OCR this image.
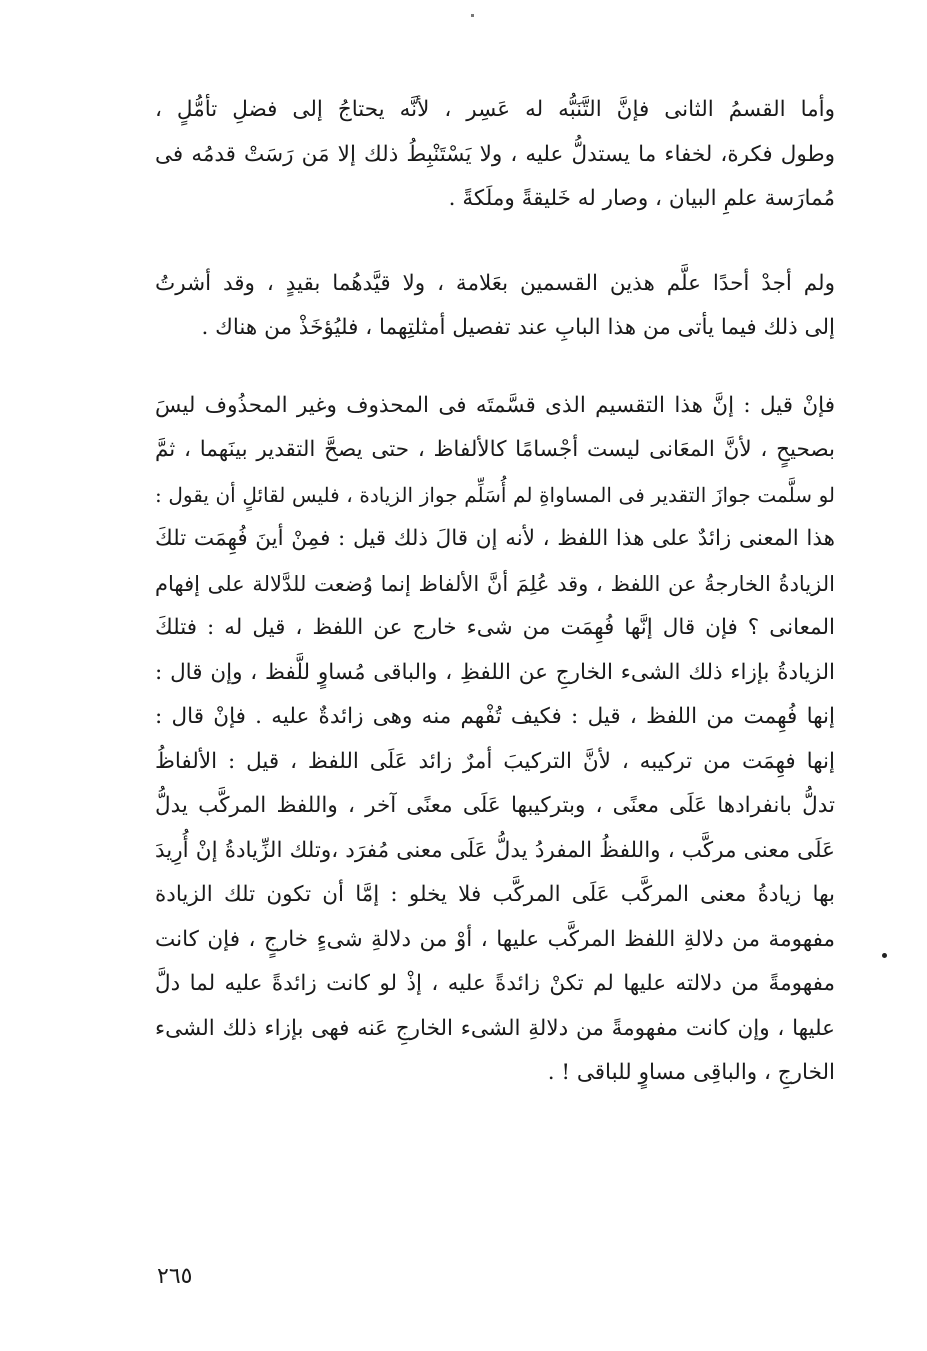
وأما القسمُ الثانى فإنَّ التَّنَبُّه له عَسِر ، لأنَّه يحتاجُ إلى فضلِ تأمُّلٍ ،
وطول فكرة، لخفاء ما يستدلُّ عليه ، ولا يَسْتَنْبِطُ ذلك إلا مَن رَسَتْ قدمُه فى
مُمارَسة علمِ البيان ، وصار له خَليقةً وملَكةً .
ولم أجدْ أحدًا علَّم هذين القسمين بعَلامة ، ولا قيَّدهُما بقيدٍ ، وقد أشرتُ
إلى ذلك فيما يأتى من هذا البابِ عند تفصيل أمثلتِهما ، فليُؤخَذْ من هناك .
فإنْ قيل : إنَّ هذا التقسيم الذى قسَّمتَه فى المحذوف وغير المحذُوف ليسَ
بصحيحٍ ، لأنَّ المعَانى ليست أجْسامًا كالألفاظ ، حتى يصحَّ التقدير بينَهما ، ثمَّ
لو سلَّمت جوازَ التقدير فى المساواةِ لم أُسَلِّم جواز الزيادة ، فليس لقائلٍ أن يقول :
هذا المعنى زائدٌ على هذا اللفظ ، لأنه إن قالَ ذلك قيل : فمِنْ أينَ فُهِمَت تلكَ
الزيادةُ الخارجةُ عن اللفظ ، وقد عُلِمَ أنَّ الألفاظ إنما وُضعت للدَّلالة على إفهام
المعانى ؟ فإن قال إنَّها فُهِمَت من شىء خارج عن اللفظ ، قيل له : فتلكَ
الزيادةُ بإزاء ذلك الشىء الخارجِ عن اللفظِ ، والباقى مُساوٍ للَّفظ ، وإن قال :
إنها فُهِمت من اللفظ ، قيل : فكيف تُفْهم منه وهى زائدةٌ عليه . فإنْ قال :
إنها فهِمَت من تركيبه ، لأنَّ التركيبَ أمرٌ زائد عَلَى اللفظ ، قيل : الألفاظُ
تدلُّ بانفرادها عَلَى معنًى ، وبتركيبها عَلَى معنًى آخر ، واللفظ المركَّب يدلُّ
عَلَى معنى مركَّب ، واللفظُ المفردُ يدلُّ عَلَى معنى مُفرَد ،وتلك الزِّيادةُ إنْ أُرِيدَ
بها زيادةُ معنى المركَّب عَلَى المركَّب فلا يخلو : إمَّا أن تكون تلك الزيادة
مفهومة من دلالةِ اللفظ المركَّب عليها ، أوْ من دلالةِ شىءٍ خارجٍ ، فإن كانت
مفهومةً من دلالته عليها لم تكنْ زائدةً عليه ، إذْ لو كانت زائدةً عليه لما دلَّ
عليها ، وإن كانت مفهومةً من دلالةِ الشىء الخارجِ عَنه فهى بإزاء ذلك الشىء
الخارجِ ، والباقِى مساوٍ للباقى ! .
٢٦٥
